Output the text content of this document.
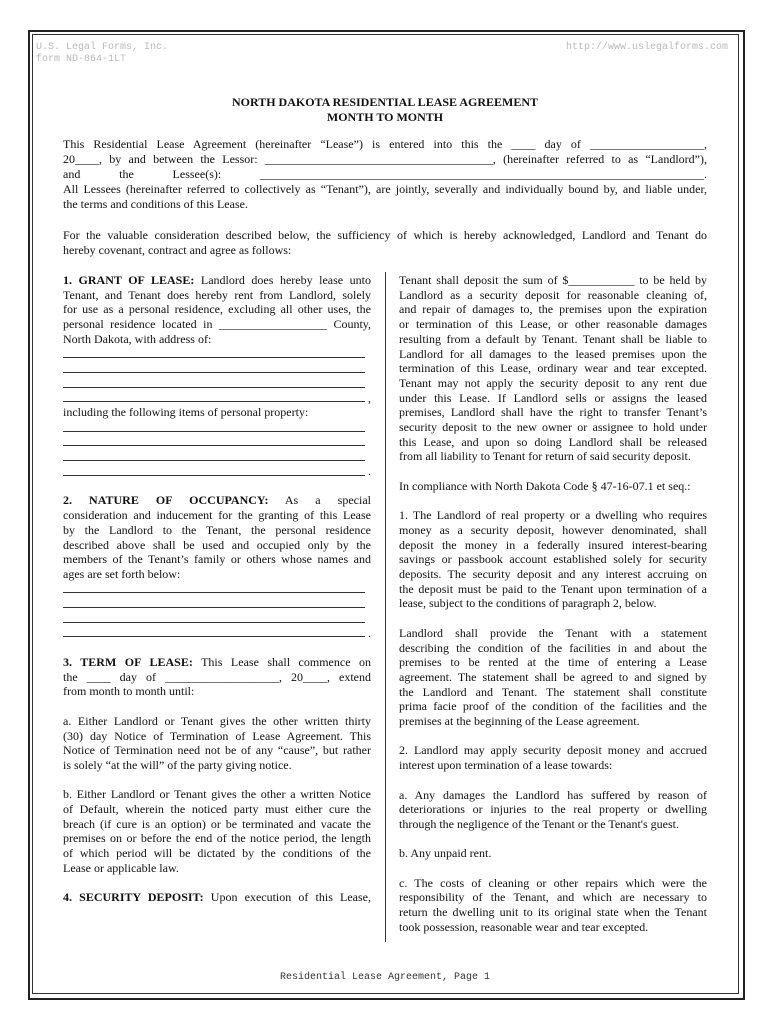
U.S. Legal Forms, Inc.
form ND-864-1LT
http://www.uslegalforms.com
NORTH DAKOTA RESIDENTIAL LEASE AGREEMENT
MONTH TO MONTH
This Residential Lease Agreement (hereinafter “Lease”) is entered into this the ____ day of ___________________,
20____, by and between the Lessor: ______________________________________, (hereinafter referred to as “Landlord”),
and the Lessee(s): __________________________________________________________________________.
All Lessees (hereinafter referred to collectively as “Tenant”), are jointly, severally and individually bound by, and liable under,
the terms and conditions of this Lease.
For the valuable consideration described below, the sufficiency of which is hereby acknowledged, Landlord and Tenant do
hereby covenant, contract and agree as follows:
1. GRANT OF LEASE: Landlord does hereby lease unto
Tenant, and Tenant does hereby rent from Landlord, solely
for use as a personal residence, excluding all other uses, the
personal residence located in __________________ County,
North Dakota, with address of:
,
including the following items of personal property:
.
2. NATURE OF OCCUPANCY: As a special
consideration and inducement for the granting of this Lease
by the Landlord to the Tenant, the personal residence
described above shall be used and occupied only by the
members of the Tenant’s family or others whose names and
ages are set forth below:
.
3. TERM OF LEASE: This Lease shall commence on
the ____ day of ___________________, 20____, extend
from month to month until:
a. Either Landlord or Tenant gives the other written thirty
(30) day Notice of Termination of Lease Agreement. This
Notice of Termination need not be of any “cause”, but rather
is solely “at the will” of the party giving notice.
b. Either Landlord or Tenant gives the other a written Notice
of Default, wherein the noticed party must either cure the
breach (if cure is an option) or be terminated and vacate the
premises on or before the end of the notice period, the length
of which period will be dictated by the conditions of the
Lease or applicable law.
4. SECURITY DEPOSIT: Upon execution of this Lease,
Tenant shall deposit the sum of $___________ to be held by
Landlord as a security deposit for reasonable cleaning of,
and repair of damages to, the premises upon the expiration
or termination of this Lease, or other reasonable damages
resulting from a default by Tenant. Tenant shall be liable to
Landlord for all damages to the leased premises upon the
termination of this Lease, ordinary wear and tear excepted.
Tenant may not apply the security deposit to any rent due
under this Lease. If Landlord sells or assigns the leased
premises, Landlord shall have the right to transfer Tenant’s
security deposit to the new owner or assignee to hold under
this Lease, and upon so doing Landlord shall be released
from all liability to Tenant for return of said security deposit.
In compliance with North Dakota Code § 47-16-07.1 et seq.:
1. The Landlord of real property or a dwelling who requires
money as a security deposit, however denominated, shall
deposit the money in a federally insured interest-bearing
savings or passbook account established solely for security
deposits. The security deposit and any interest accruing on
the deposit must be paid to the Tenant upon termination of a
lease, subject to the conditions of paragraph 2, below.
Landlord shall provide the Tenant with a statement
describing the condition of the facilities in and about the
premises to be rented at the time of entering a Lease
agreement. The statement shall be agreed to and signed by
the Landlord and Tenant. The statement shall constitute
prima facie proof of the condition of the facilities and the
premises at the beginning of the Lease agreement.
2. Landlord may apply security deposit money and accrued
interest upon termination of a lease towards:
a. Any damages the Landlord has suffered by reason of
deteriorations or injuries to the real property or dwelling
through the negligence of the Tenant or the Tenant's guest.
b. Any unpaid rent.
c. The costs of cleaning or other repairs which were the
responsibility of the Tenant, and which are necessary to
return the dwelling unit to its original state when the Tenant
took possession, reasonable wear and tear excepted.
Residential Lease Agreement, Page 1
